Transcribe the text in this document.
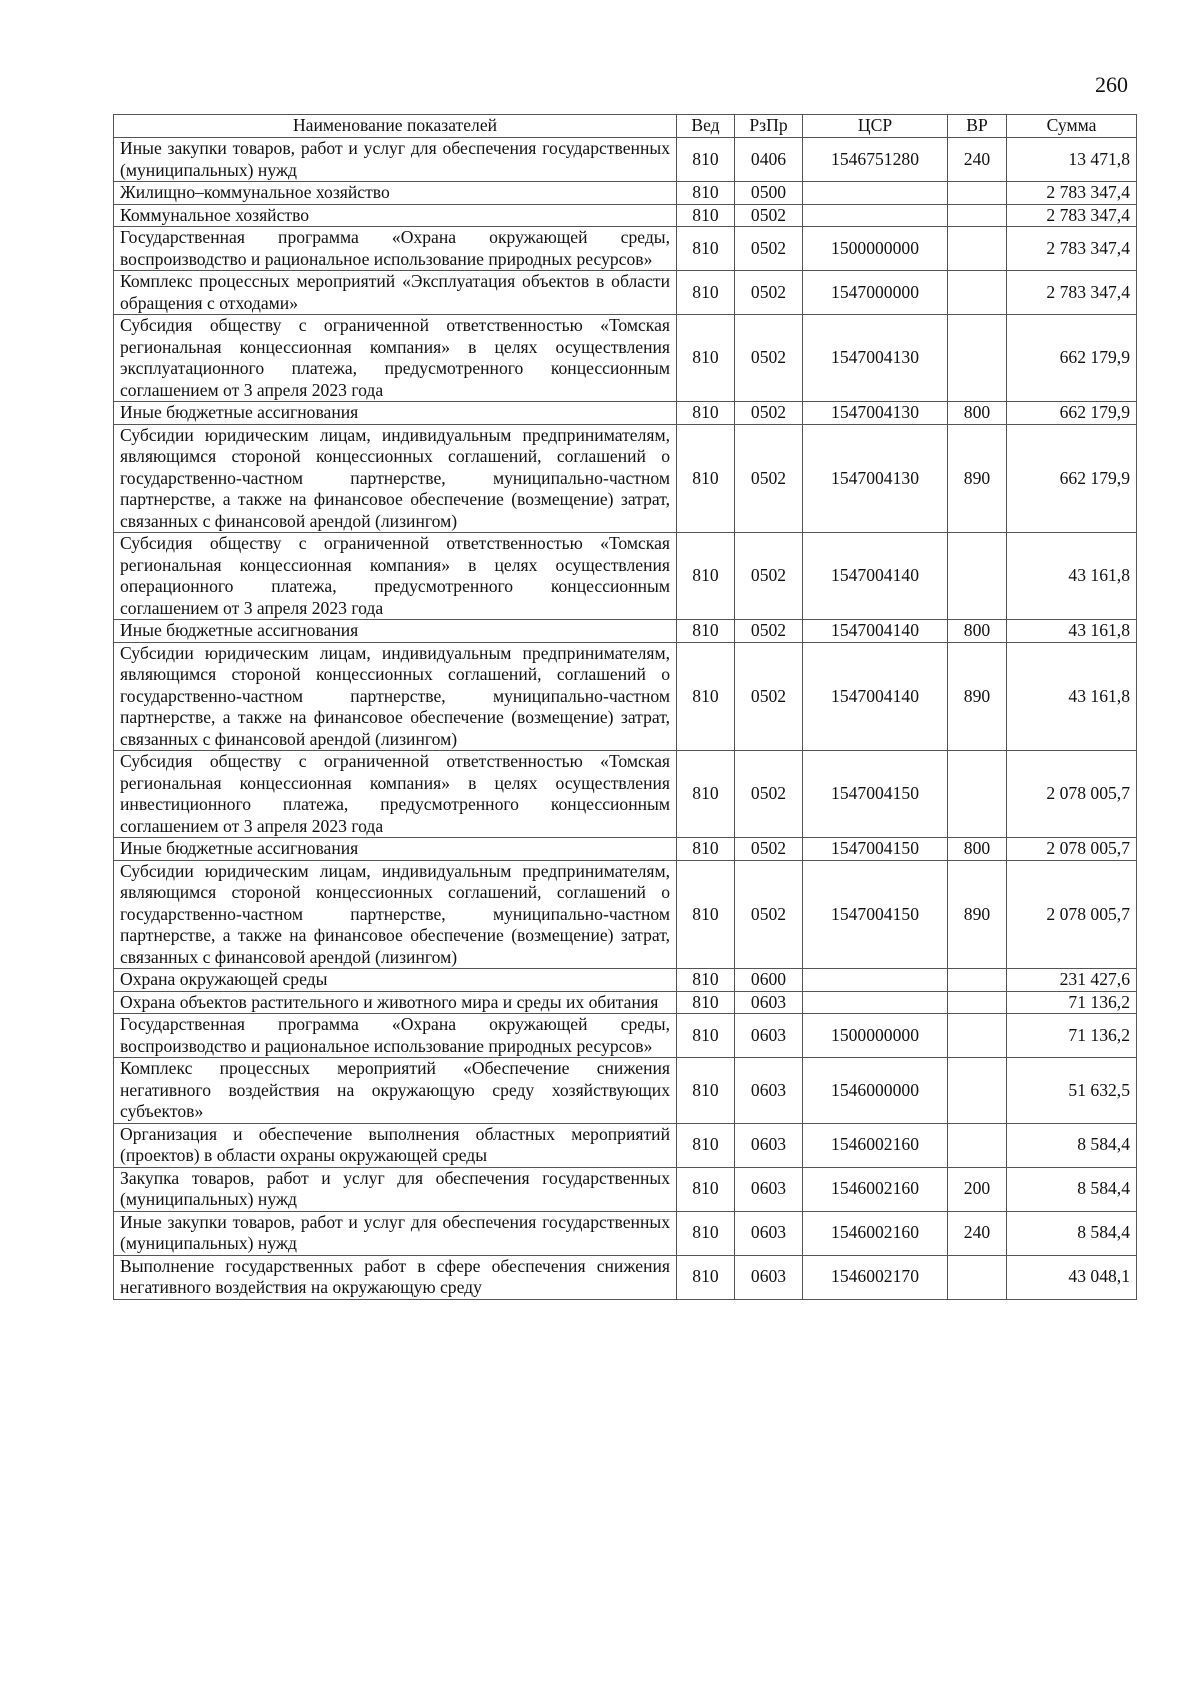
260
Наименование показателей	Вед	РзПр	ЦСР	ВР	Сумма
Иные закупки товаров, работ и услуг для обеспечения государственных (муниципальных) нужд	810	0406	1546751280	240	13 471,8
Жилищно–коммунальное хозяйство	810	0500			2 783 347,4
Коммунальное хозяйство	810	0502			2 783 347,4
Государственная программа «Охрана окружающей среды, воспроизводство и рациональное использование природных ресурсов»	810	0502	1500000000		2 783 347,4
Комплекс процессных мероприятий «Эксплуатация объектов в области обращения с отходами»	810	0502	1547000000		2 783 347,4
Субсидия обществу с ограниченной ответственностью «Томская региональная концессионная компания» в целях осуществления эксплуатационного платежа, предусмотренного концессионным соглашением от 3 апреля 2023 года	810	0502	1547004130		662 179,9
Иные бюджетные ассигнования	810	0502	1547004130	800	662 179,9
Субсидии юридическим лицам, индивидуальным предпринимателям, являющимся стороной концессионных соглашений, соглашений о государственно-частном партнерстве, муниципально-частном партнерстве, а также на финансовое обеспечение (возмещение) затрат, связанных с финансовой арендой (лизингом)	810	0502	1547004130	890	662 179,9
Субсидия обществу с ограниченной ответственностью «Томская региональная концессионная компания» в целях осуществления операционного платежа, предусмотренного концессионным соглашением от 3 апреля 2023 года	810	0502	1547004140		43 161,8
Иные бюджетные ассигнования	810	0502	1547004140	800	43 161,8
Субсидии юридическим лицам, индивидуальным предпринимателям, являющимся стороной концессионных соглашений, соглашений о государственно-частном партнерстве, муниципально-частном партнерстве, а также на финансовое обеспечение (возмещение) затрат, связанных с финансовой арендой (лизингом)	810	0502	1547004140	890	43 161,8
Субсидия обществу с ограниченной ответственностью «Томская региональная концессионная компания» в целях осуществления инвестиционного платежа, предусмотренного концессионным соглашением от 3 апреля 2023 года	810	0502	1547004150		2 078 005,7
Иные бюджетные ассигнования	810	0502	1547004150	800	2 078 005,7
Субсидии юридическим лицам, индивидуальным предпринимателям, являющимся стороной концессионных соглашений, соглашений о государственно-частном партнерстве, муниципально-частном партнерстве, а также на финансовое обеспечение (возмещение) затрат, связанных с финансовой арендой (лизингом)	810	0502	1547004150	890	2 078 005,7
Охрана окружающей среды	810	0600			231 427,6
Охрана объектов растительного и животного мира и среды их обитания	810	0603			71 136,2
Государственная программа «Охрана окружающей среды, воспроизводство и рациональное использование природных ресурсов»	810	0603	1500000000		71 136,2
Комплекс процессных мероприятий «Обеспечение снижения негативного воздействия на окружающую среду хозяйствующих субъектов»	810	0603	1546000000		51 632,5
Организация и обеспечение выполнения областных мероприятий (проектов) в области охраны окружающей среды	810	0603	1546002160		8 584,4
Закупка товаров, работ и услуг для обеспечения государственных (муниципальных) нужд	810	0603	1546002160	200	8 584,4
Иные закупки товаров, работ и услуг для обеспечения государственных (муниципальных) нужд	810	0603	1546002160	240	8 584,4
Выполнение государственных работ в сфере обеспечения снижения негативного воздействия на окружающую среду	810	0603	1546002170		43 048,1
